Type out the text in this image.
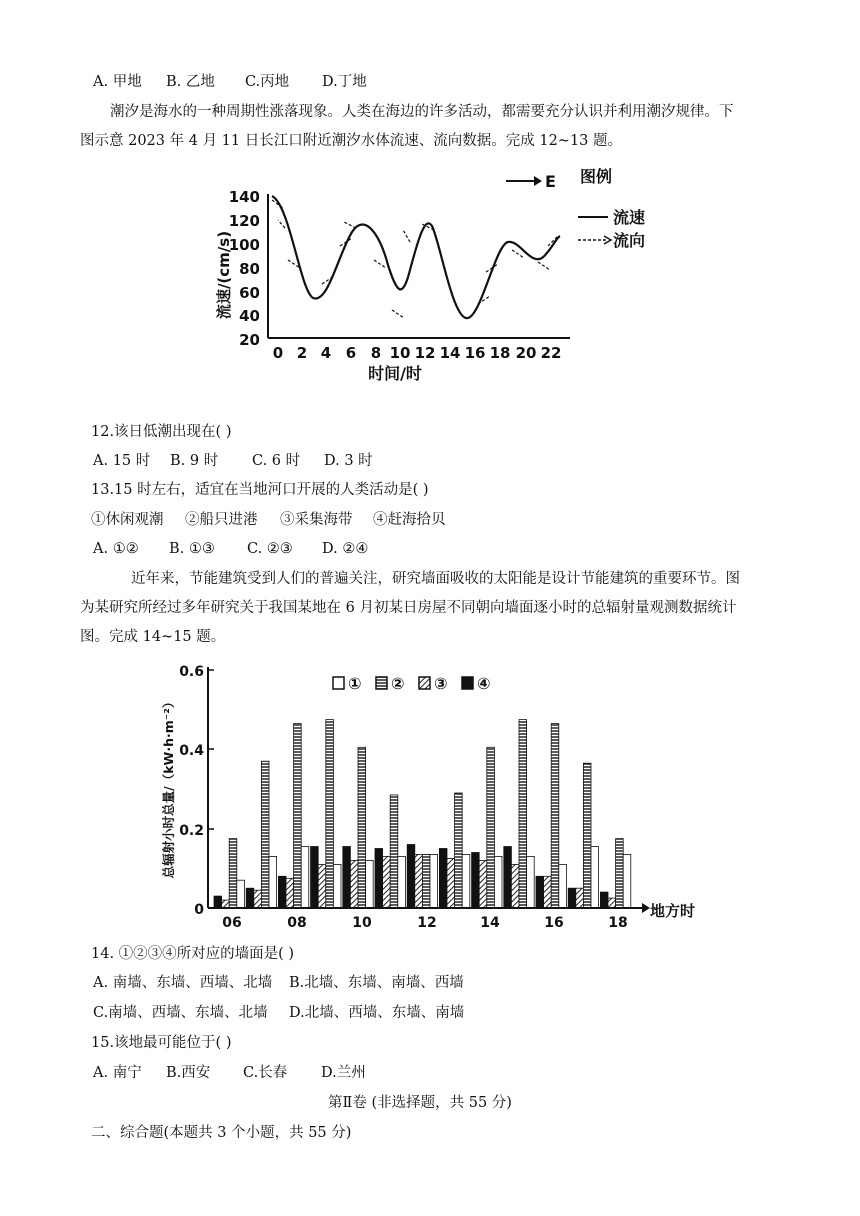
A. 甲地 B. 乙地 C.丙地 D.丁地
潮汐是海水的一种周期性涨落现象。人类在海边的许多活动，都需要充分认识并利用潮汐规律。下
图示意 2023 年 4 月 11 日长江口附近潮汐水体流速、流向数据。完成 12~13 题。
140
120
100
80
60
40
20
0 2 4 6 8 10 12 14 16 18 20 22
流速/(cm/s)
时间/时
E 图例
流速
流向
12.该日低潮出现在( )
A. 15 时 B. 9 时 C. 6 时 D. 3 时
13.15 时左右，适宜在当地河口开展的人类活动是( )
①休闲观潮 ②船只进港 ③采集海带 ④赶海拾贝
A. ①② B. ①③ C. ②③ D. ②④
近年来，节能建筑受到人们的普遍关注，研究墙面吸收的太阳能是设计节能建筑的重要环节。图
为某研究所经过多年研究关于我国某地在 6 月初某日房屋不同朝向墙面逐小时的总辐射量观测数据统计
图。完成 14~15 题。
0.6
0.4
0.2
0
06	08	10	12	14	16	18
地方时
总辐射小时总量/（kW·h·m⁻²）
① ② ③ ④
14. ①②③④所对应的墙面是( )
A. 南墙、东墙、西墙、北墙 B.北墙、东墙、南墙、西墙
C.南墙、西墙、东墙、北墙 D.北墙、西墙、东墙、南墙
15.该地最可能位于( )
A. 南宁 B.西安 C.长春 D.兰州
第Ⅱ卷 (非选择题，共 55 分)
二、综合题(本题共 3 个小题，共 55 分)
